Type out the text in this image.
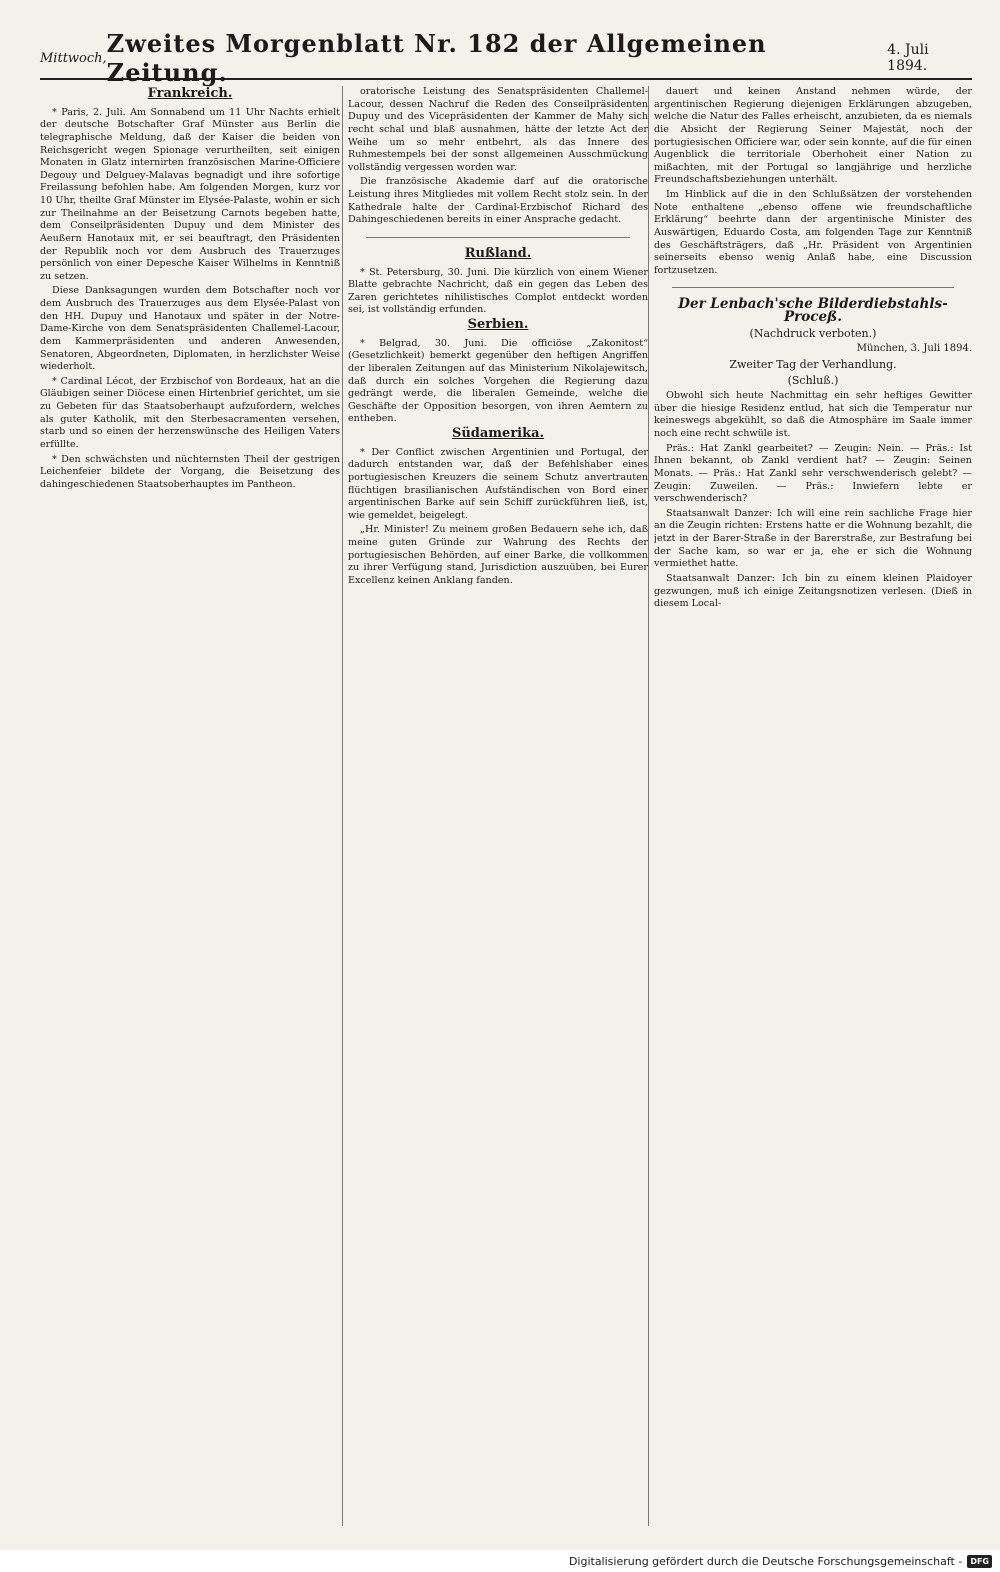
Mittwoch, Zweites Morgenblatt Nr. 182 der Allgemeinen Zeitung.
4. Juli 1894.
Frankreich.

* Paris, 2. Juli. Am Sonnabend um 11 Uhr Nachts erhielt der deutsche Botschafter Graf Münster aus Berlin die telegraphische Meldung, daß der Kaiser die beiden von Reichsgericht wegen Spionage verurtheilten, seit einigen Monaten in Glatz internirten französischen Marine-Officiere Degouy und Delguey-Malavas begnadigt und ihre sofortige Freilassung befohlen habe. Am folgenden Morgen, kurz vor 10 Uhr, theilte Graf Münster im Elysée-Palaste, wohin er sich zur Theilnahme an der Beisetzung Carnots begeben hatte, dem Conseilpräsidenten Dupuy und dem Minister des Aeußern Hanotaux mit, er sei beauftragt, den Präsidenten der Republik noch vor dem Ausbruch des Trauerzuges persönlich von einer Depesche Kaiser Wilhelms in Kenntniß zu setzen.

Diese Danksagungen wurden dem Botschafter noch vor dem Ausbruch des Trauerzuges aus dem Elysée-Palast von den HH. Dupuy und Hanotaux und später in der Notre-Dame-Kirche von dem Senatspräsidenten Challemel-Lacour, dem Kammerpräsidenten und anderen Anwesenden, Senatoren, Abgeordneten, Diplomaten, in herzlichster Weise wiederholt.

* Cardinal Lécot, der Erzbischof von Bordeaux, hat an die Gläubigen seiner Diöcese einen Hirtenbrief gerichtet, um sie zu Gebeten für das Staatsoberhaupt aufzufordern, welches als guter Katholik, mit den Sterbesacramenten versehen, starb und so einen der herzenswünsche des Heiligen Vaters erfüllte.

* Den schwächsten und nüchternsten Theil der gestrigen Leichenfeier bildete der Vorgang, die Beisetzung des dahingeschiedenen Staatsoberhauptes im Pantheon.

oratorische Leistung des Senatspräsidenten Challemel-Lacour, dessen Nachruf die Reden des Conseilpräsidenten Dupuy und des Vicepräsidenten der Kammer de Mahy sich recht schal und blaß ausnahmen, hätte der letzte Act der Weihe um so mehr entbehrt, als das Innere des Ruhmestempels bei der sonst allgemeinen Ausschmückung vollständig vergessen worden war.

Die französische Akademie darf auf die oratorische Leistung ihres Mitgliedes mit vollem Recht stolz sein. In der Kathedrale halte der Cardinal-Erzbischof Richard des Dahingeschiedenen bereits in einer Ansprache gedacht.

Rußland.

* St. Petersburg, 30. Juni. Die kürzlich von einem Wiener Blatte gebrachte Nachricht, daß ein gegen das Leben des Zaren gerichtetes nihilistisches Complot entdeckt worden sei, ist vollständig erfunden.

Serbien.

* Belgrad, 30. Juni. Die officiöse „Zakonitost“ (Gesetzlichkeit) bemerkt gegenüber den heftigen Angriffen der liberalen Zeitungen auf das Ministerium Nikolajewitsch, daß durch ein solches Vorgehen die Regierung dazu gedrängt werde, die liberalen Gemeinde, welche die Geschäfte der Opposition besorgen, von ihren Aemtern zu entheben.

Südamerika.

* Der Conflict zwischen Argentinien und Portugal, der dadurch entstanden war, daß der Befehlshaber eines portugiesischen Kreuzers die seinem Schutz anvertrauten flüchtigen brasilianischen Aufständischen von Bord einer argentinischen Barke auf sein Schiff zurückführen ließ, ist, wie gemeldet, beigelegt.

„Hr. Minister! Zu meinem großen Bedauern sehe ich, daß meine guten Gründe zur Wahrung des Rechts der portugiesischen Behörden, auf einer Barke, die vollkommen zu ihrer Verfügung stand, Jurisdiction auszuüben, bei Eurer Excellenz keinen Anklang fanden.

dauert und keinen Anstand nehmen würde, der argentinischen Regierung diejenigen Erklärungen abzugeben, welche die Natur des Falles erheischt, anzubieten, da es niemals die Absicht der Regierung Seiner Majestät, noch der portugiesischen Officiere war, oder sein konnte, auf die für einen Augenblick die territoriale Oberhoheit einer Nation zu mißachten, mit der Portugal so langjährige und herzliche Freundschaftsbeziehungen unterhält.

Im Hinblick auf die in den Schlußsätzen der vorstehenden Note enthaltene „ebenso offene wie freundschaftliche Erklärung“ beehrte dann der argentinische Minister des Auswärtigen, Eduardo Costa, am folgenden Tage zur Kenntniß des Geschäftsträgers, daß „Hr. Präsident von Argentinien seinerseits ebenso wenig Anlaß habe, eine Discussion fortzusetzen.

Der Lenbach'sche Bilderdiebstahls-Proceß.
(Nachdruck verboten.)
München, 3. Juli 1894.
Zweiter Tag der Verhandlung.
(Schluß.)

Obwohl sich heute Nachmittag ein sehr heftiges Gewitter über die hiesige Residenz entlud, hat sich die Temperatur nur keineswegs abgekühlt, so daß die Atmosphäre im Saale immer noch eine recht schwüle ist.

Präs.: Hat Zankl gearbeitet? — Zeugin: Nein. — Präs.: Ist Ihnen bekannt, ob Zankl verdient hat? — Zeugin: Seinen Monats. — Präs.: Hat Zankl sehr verschwenderisch gelebt? — Zeugin: Zuweilen. — Präs.: Inwiefern lebte er verschwenderisch?

Staatsanwalt Danzer: Ich will eine rein sachliche Frage hier an die Zeugin richten: Erstens hatte er die Wohnung bezahlt, die jetzt in der Barer-Straße in der Barerstraße, zur Bestrafung bei der Sache kam, so war er ja, ehe er sich die Wohnung vermiethet hatte.

Staatsanwalt Danzer: Ich bin zu einem kleinen Plaidoyer gezwungen, muß ich einige Zeitungsnotizen verlesen. (Dieß in diesem Local-

Digitalisierung gefördert durch die Deutsche Forschungsgemeinschaft -	DFG
